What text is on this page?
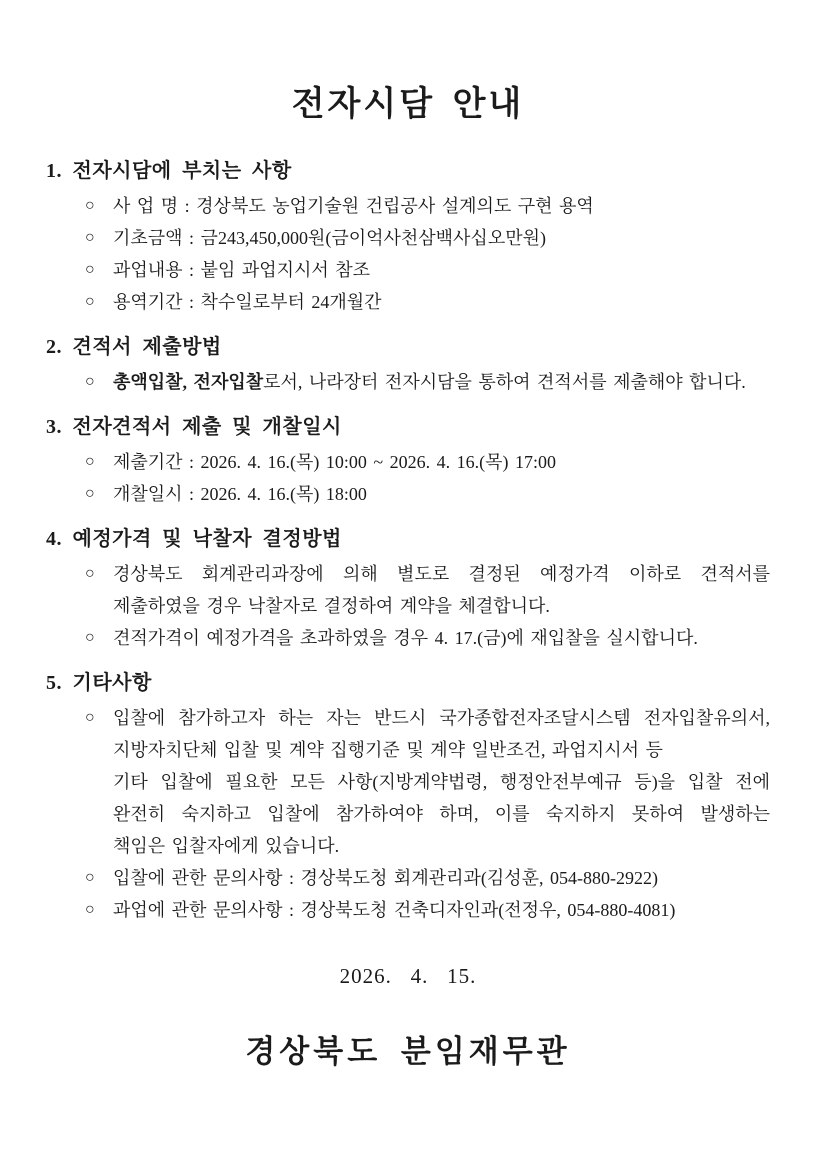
전자시담 안내
1. 전자시담에 부치는 사항
○ 사 업 명 : 경상북도 농업기술원 건립공사 설계의도 구현 용역
○ 기초금액 : 금243,450,000원(금이억사천삼백사십오만원)
○ 과업내용 : 붙임 과업지시서 참조
○ 용역기간 : 착수일로부터 24개월간
2. 견적서 제출방법
○ 총액입찰, 전자입찰로서, 나라장터 전자시담을 통하여 견적서를 제출해야 합니다.
3. 전자견적서 제출 및 개찰일시
○ 제출기간 : 2026. 4. 16.(목) 10:00 ~ 2026. 4. 16.(목) 17:00
○ 개찰일시 : 2026. 4. 16.(목) 18:00
4. 예정가격 및 낙찰자 결정방법
○ 경상북도 회계관리과장에 의해 별도로 결정된 예정가격 이하로 견적서를
제출하였을 경우 낙찰자로 결정하여 계약을 체결합니다.
○ 견적가격이 예정가격을 초과하였을 경우 4. 17.(금)에 재입찰을 실시합니다.
5. 기타사항
○ 입찰에 참가하고자 하는 자는 반드시 국가종합전자조달시스템 전자입찰유의서,
지방자치단체 입찰 및 계약 집행기준 및 계약 일반조건, 과업지시서 등
기타 입찰에 필요한 모든 사항(지방계약법령, 행정안전부예규 등)을 입찰 전에
완전히 숙지하고 입찰에 참가하여야 하며, 이를 숙지하지 못하여 발생하는
책임은 입찰자에게 있습니다.
○ 입찰에 관한 문의사항 : 경상북도청 회계관리과(김성훈, 054-880-2922)
○ 과업에 관한 문의사항 : 경상북도청 건축디자인과(전정우, 054-880-4081)
2026.   4.   15.
경상북도 분임재무관
